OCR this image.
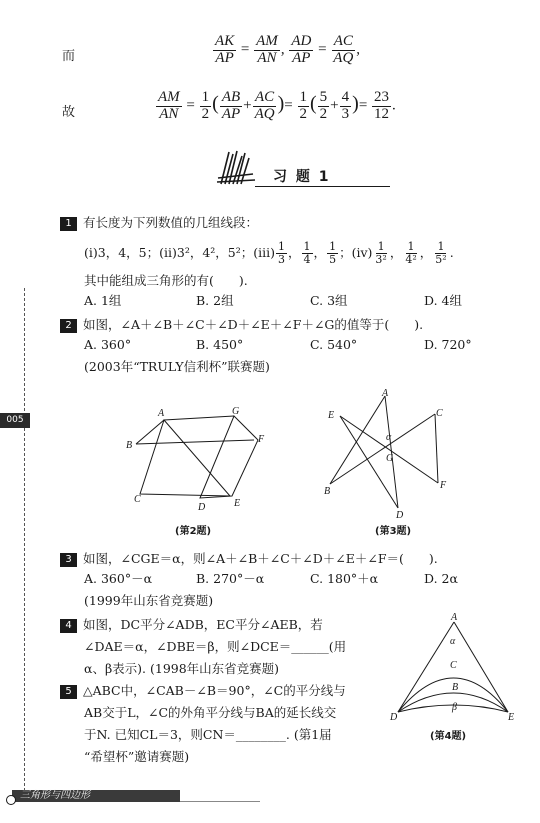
而	$\frac{AK}{AP} = \frac{AM}{AN}$ , $\frac{AD}{AP} = \frac{AC}{AQ}$ ,
故	$\frac{AM}{AN} = \frac{1}{2}$ ( $\frac{AB}{AP} + \frac{AC}{AQ}$ )= $\frac{1}{2}$ ( $\frac{5}{2} + \frac{4}{3}$ )= $\frac{23}{12}$ .
习 题 1
1 有长度为下列数值的几组线段：
(i)3，4，5；(ii)3²，4²，5²；$(iii) \frac{1}{3}$ ， $\frac{1}{4}$ ， $\frac{1}{5}$ ；$(iv) \frac{1}{\text{3²}}$ ， $\frac{1}{\text{4²}}$ ， $\frac{1}{\text{5²}}$ .
其中能组成三角形的有(　　).
A. 1组	B. 2组	C. 3组	D. 4组
2 如图，∠A＋∠B＋∠C＋∠D＋∠E＋∠F＋∠G的值等于(　　).
A. 360°	B. 450°	C. 540°	D. 720°
(2003年“TRULY信利杯”联赛题)
A	G
F
E
D
C
B
(第2题)
A
E	C
α
G
B
D
F
(第3题)
3 如图，∠CGE＝α，则∠A＋∠B＋∠C＋∠D＋∠E＋∠F＝(　　).
A. 360°－α	B. 270°－α	C. 180°＋α	D. 2α
(1999年山东省竞赛题)
4 如图，DC平分∠ADB，EC平分∠AEB，若
∠DAE＝α，∠DBE＝β，则∠DCE＝______(用
α、β表示). (1998年山东省竞赛题)
5 △ABC中，∠CAB－∠B＝90°，∠C的平分线与
AB交于L，∠C的外角平分线与BA的延长线交
于N. 已知CL＝3，则CN＝________. (第1届
“希望杯”邀请赛题)
A
α
C
B
β
D	E
(第4题)
005
三角形与四边形
